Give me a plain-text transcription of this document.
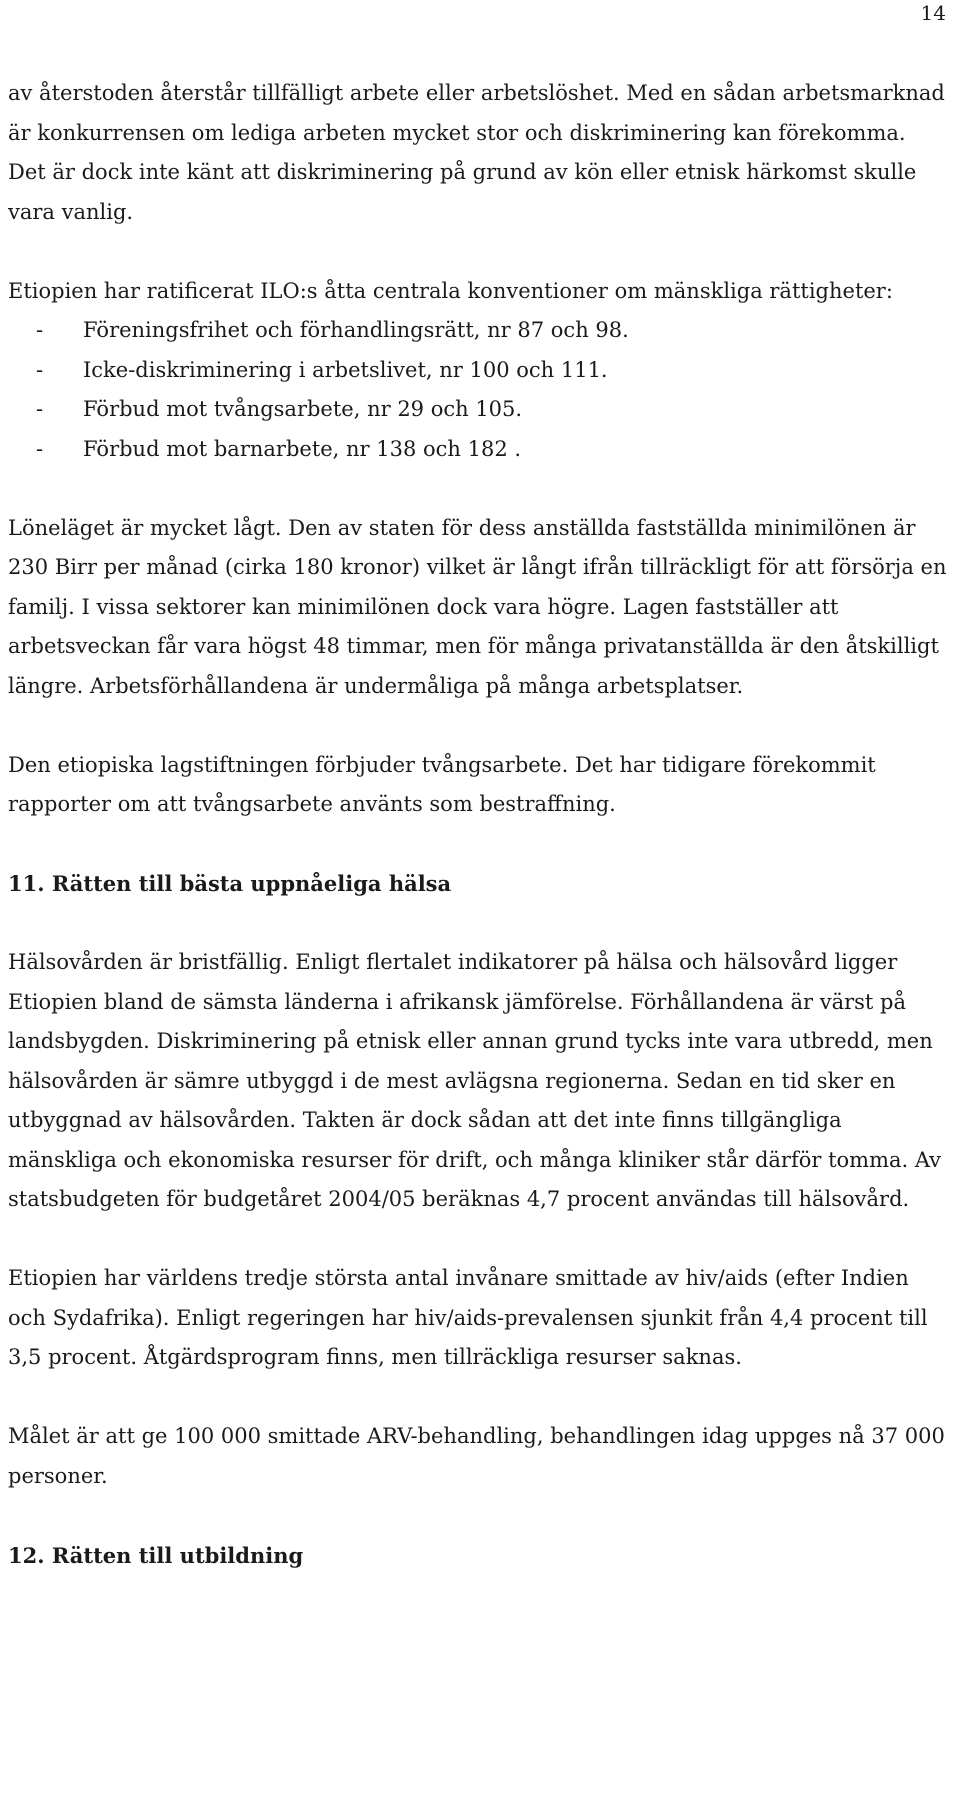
14

av återstoden återstår tillfälligt arbete eller arbetslöshet. Med en sådan arbetsmarknad är konkurrensen om lediga arbeten mycket stor och diskriminering kan förekomma. Det är dock inte känt att diskriminering på grund av kön eller etnisk härkomst skulle vara vanlig.

Etiopien har ratificerat ILO:s åtta centrala konventioner om mänskliga rättigheter:

- Föreningsfrihet och förhandlingsrätt, nr 87 och 98.
- Icke-diskriminering i arbetslivet, nr 100 och 111.
- Förbud mot tvångsarbete, nr 29 och 105.
- Förbud mot barnarbete, nr 138 och 182 .

Löneläget är mycket lågt. Den av staten för dess anställda fastställda minimilönen är 230 Birr per månad (cirka 180 kronor) vilket är långt ifrån tillräckligt för att försörja en familj. I vissa sektorer kan minimilönen dock vara högre. Lagen fastställer att arbetsveckan får vara högst 48 timmar, men för många privatanställda är den åtskilligt längre. Arbetsförhållandena är undermåliga på många arbetsplatser.

Den etiopiska lagstiftningen förbjuder tvångsarbete. Det har tidigare förekommit rapporter om att tvångsarbete använts som bestraffning.

11. Rätten till bästa uppnåeliga hälsa

Hälsovården är bristfällig. Enligt flertalet indikatorer på hälsa och hälsovård ligger Etiopien bland de sämsta länderna i afrikansk jämförelse. Förhållandena är värst på landsbygden. Diskriminering på etnisk eller annan grund tycks inte vara utbredd, men hälsovården är sämre utbyggd i de mest avlägsna regionerna. Sedan en tid sker en utbyggnad av hälsovården. Takten är dock sådan att det inte finns tillgängliga mänskliga och ekonomiska resurser för drift, och många kliniker står därför tomma. Av statsbudgeten för budgetåret 2004/05 beräknas 4,7 procent användas till hälsovård.

Etiopien har världens tredje största antal invånare smittade av hiv/aids (efter Indien och Sydafrika). Enligt regeringen har hiv/aids-prevalensen sjunkit från 4,4 procent till 3,5 procent. Åtgärdsprogram finns, men tillräckliga resurser saknas.

Målet är att ge 100 000 smittade ARV-behandling, behandlingen idag uppges nå 37 000 personer.

12. Rätten till utbildning
